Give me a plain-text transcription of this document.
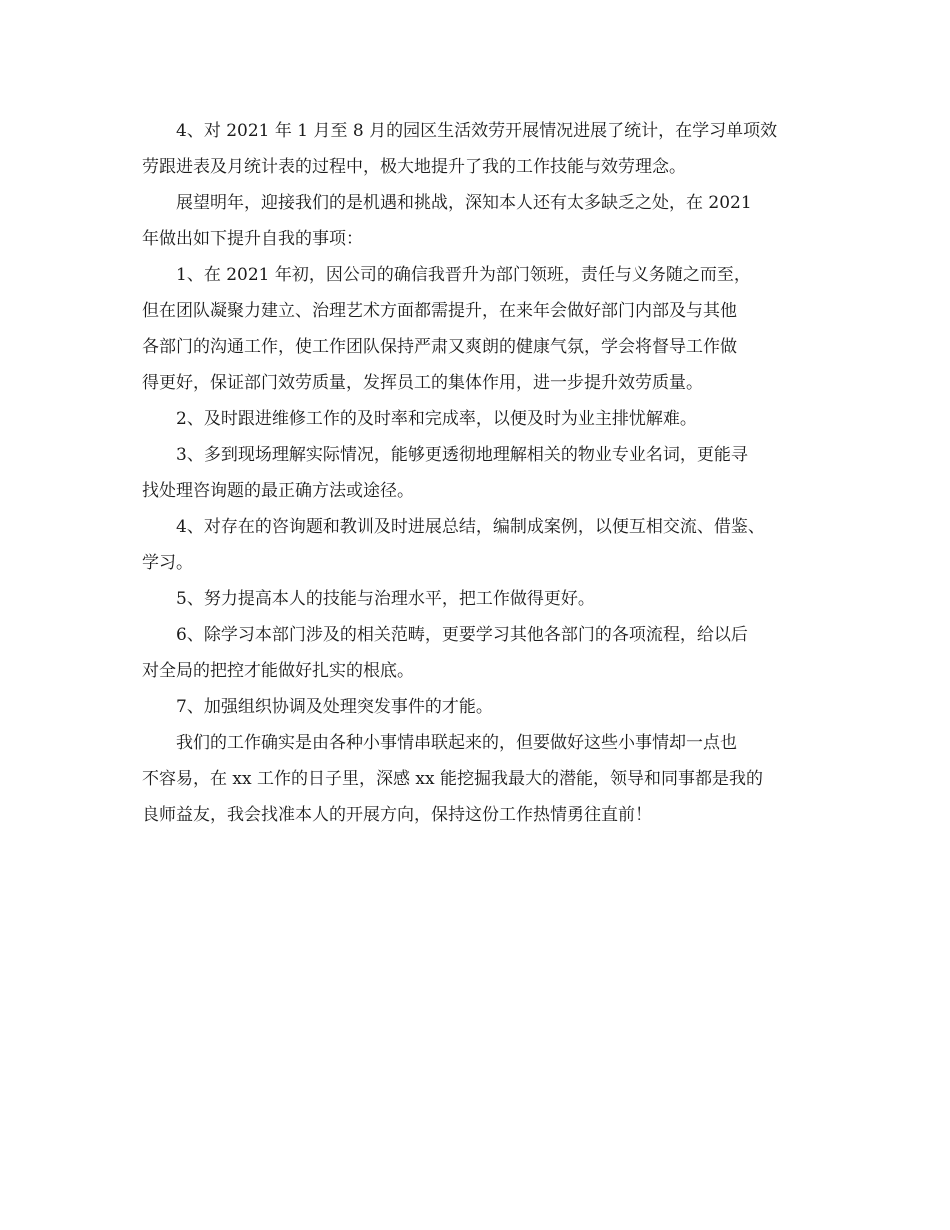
4、对 2021 年 1 月至 8 月的园区生活效劳开展情况进展了统计，在学习单项效
劳跟进表及月统计表的过程中，极大地提升了我的工作技能与效劳理念。

展望明年，迎接我们的是机遇和挑战，深知本人还有太多缺乏之处，在 2021
年做出如下提升自我的事项：

1、在 2021 年初，因公司的确信我晋升为部门领班，责任与义务随之而至，
但在团队凝聚力建立、治理艺术方面都需提升，在来年会做好部门内部及与其他
各部门的沟通工作，使工作团队保持严肃又爽朗的健康气氛，学会将督导工作做
得更好，保证部门效劳质量，发挥员工的集体作用，进一步提升效劳质量。

2、及时跟进维修工作的及时率和完成率，以便及时为业主排忧解难。

3、多到现场理解实际情况，能够更透彻地理解相关的物业专业名词，更能寻
找处理咨询题的最正确方法或途径。

4、对存在的咨询题和教训及时进展总结，编制成案例，以便互相交流、借鉴、
学习。

5、努力提高本人的技能与治理水平，把工作做得更好。

6、除学习本部门涉及的相关范畴，更要学习其他各部门的各项流程，给以后
对全局的把控才能做好扎实的根底。

7、加强组织协调及处理突发事件的才能。

我们的工作确实是由各种小事情串联起来的，但要做好这些小事情却一点也
不容易，在 xx 工作的日子里，深感 xx 能挖掘我最大的潜能，领导和同事都是我的
良师益友，我会找准本人的开展方向，保持这份工作热情勇往直前！
